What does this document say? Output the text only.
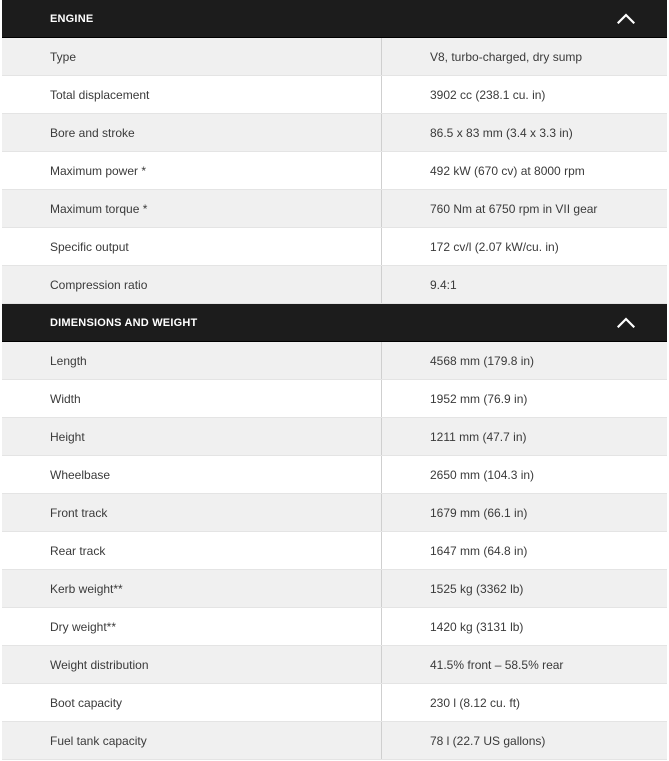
ENGINE
Type	V8, turbo-charged, dry sump
Total displacement	3902 cc (238.1 cu. in)
Bore and stroke	86.5 x 83 mm (3.4 x 3.3 in)
Maximum power *	492 kW (670 cv) at 8000 rpm
Maximum torque *	760 Nm at 6750 rpm in VII gear
Specific output	172 cv/l (2.07 kW/cu. in)
Compression ratio	9.4:1
DIMENSIONS AND WEIGHT
Length	4568 mm (179.8 in)
Width	1952 mm (76.9 in)
Height	1211 mm (47.7 in)
Wheelbase	2650 mm (104.3 in)
Front track	1679 mm (66.1 in)
Rear track	1647 mm (64.8 in)
Kerb weight**	1525 kg (3362 lb)
Dry weight**	1420 kg (3131 lb)
Weight distribution	41.5% front – 58.5% rear
Boot capacity	230 l (8.12 cu. ft)
Fuel tank capacity	78 l (22.7 US gallons)
